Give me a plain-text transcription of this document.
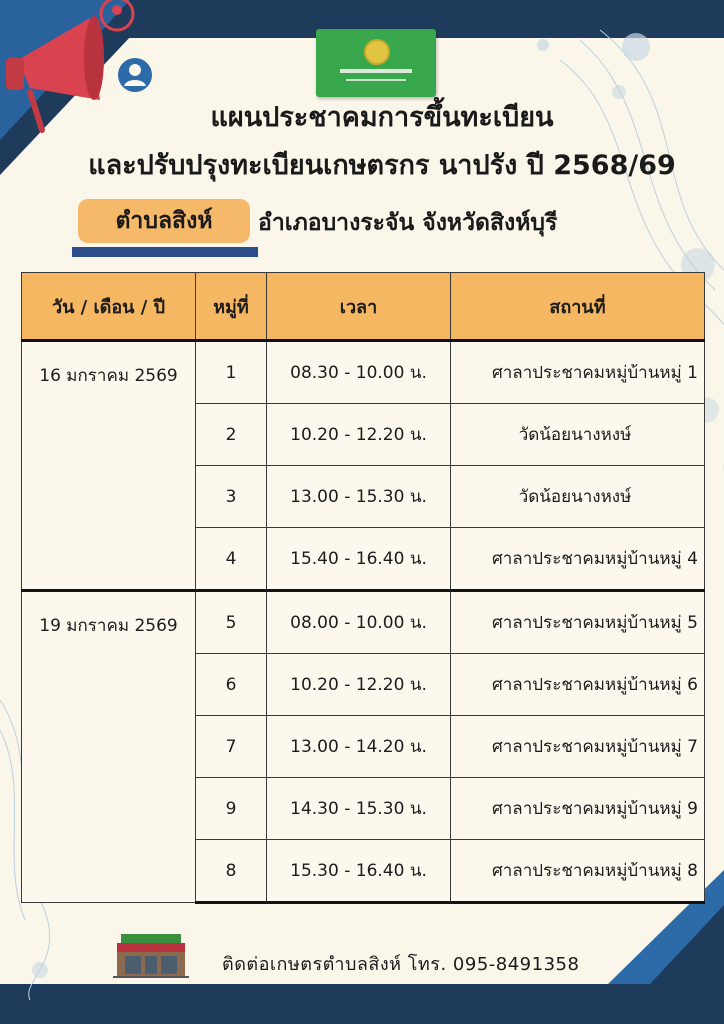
แผนประชาคมการขึ้นทะเบียน
และปรับปรุงทะเบียนเกษตรกร นาปรัง ปี 2568/69
ตำบลสิงห์	อำเภอบางระจัน จังหวัดสิงห์บุรี
วัน / เดือน / ปี	หมู่ที่	เวลา	สถานที่
16 มกราคม 2569	1	08.30 - 10.00 น.	ศาลาประชาคมหมู่บ้านหมู่ 1
	2	10.20 - 12.20 น.	วัดน้อยนางหงษ์
	3	13.00 - 15.30 น.	วัดน้อยนางหงษ์
	4	15.40 - 16.40 น.	ศาลาประชาคมหมู่บ้านหมู่ 4
19 มกราคม 2569	5	08.00 - 10.00 น.	ศาลาประชาคมหมู่บ้านหมู่ 5
	6	10.20 - 12.20 น.	ศาลาประชาคมหมู่บ้านหมู่ 6
	7	13.00 - 14.20 น.	ศาลาประชาคมหมู่บ้านหมู่ 7
	9	14.30 - 15.30 น.	ศาลาประชาคมหมู่บ้านหมู่ 9
	8	15.30 - 16.40 น.	ศาลาประชาคมหมู่บ้านหมู่ 8
ติดต่อเกษตรตำบลสิงห์ โทร. 095-8491358
